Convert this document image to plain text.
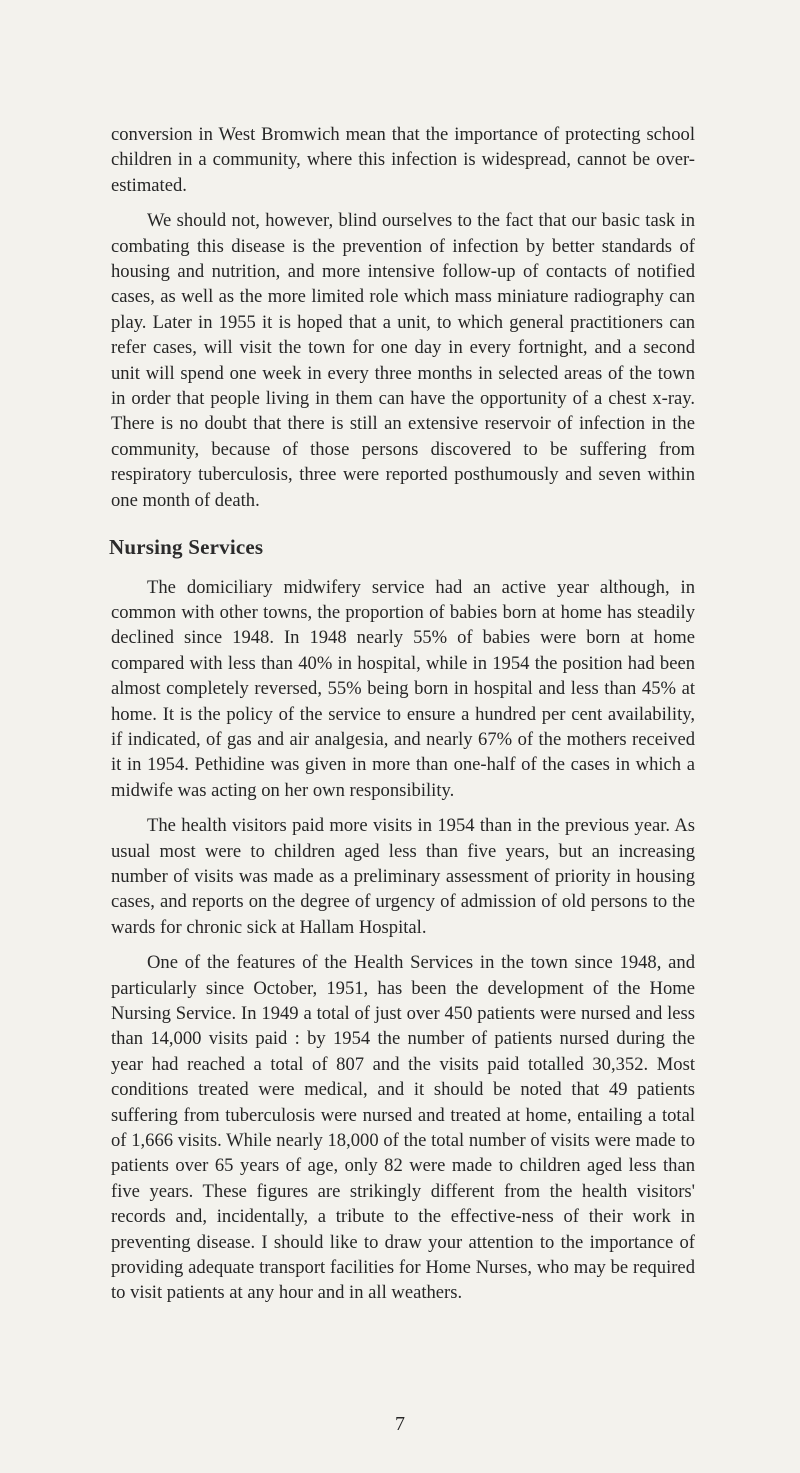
conversion in West Bromwich mean that the importance of protecting school children in a community, where this infection is widespread, cannot be over-estimated.

We should not, however, blind ourselves to the fact that our basic task in combating this disease is the prevention of infection by better standards of housing and nutrition, and more intensive follow-up of contacts of notified cases, as well as the more limited role which mass miniature radiography can play. Later in 1955 it is hoped that a unit, to which general practitioners can refer cases, will visit the town for one day in every fortnight, and a second unit will spend one week in every three months in selected areas of the town in order that people living in them can have the opportunity of a chest x-ray. There is no doubt that there is still an extensive reservoir of infection in the community, because of those persons discovered to be suffering from respiratory tuberculosis, three were reported posthumously and seven within one month of death.

Nursing Services

The domiciliary midwifery service had an active year although, in common with other towns, the proportion of babies born at home has steadily declined since 1948. In 1948 nearly 55% of babies were born at home compared with less than 40% in hospital, while in 1954 the position had been almost completely reversed, 55% being born in hospital and less than 45% at home. It is the policy of the service to ensure a hundred per cent availability, if indicated, of gas and air analgesia, and nearly 67% of the mothers received it in 1954. Pethidine was given in more than one-half of the cases in which a midwife was acting on her own responsibility.

The health visitors paid more visits in 1954 than in the previous year. As usual most were to children aged less than five years, but an increasing number of visits was made as a preliminary assessment of priority in housing cases, and reports on the degree of urgency of admission of old persons to the wards for chronic sick at Hallam Hospital.

One of the features of the Health Services in the town since 1948, and particularly since October, 1951, has been the development of the Home Nursing Service. In 1949 a total of just over 450 patients were nursed and less than 14,000 visits paid : by 1954 the number of patients nursed during the year had reached a total of 807 and the visits paid totalled 30,352. Most conditions treated were medical, and it should be noted that 49 patients suffering from tuberculosis were nursed and treated at home, entailing a total of 1,666 visits. While nearly 18,000 of the total number of visits were made to patients over 65 years of age, only 82 were made to children aged less than five years. These figures are strikingly different from the health visitors' records and, incidentally, a tribute to the effective-ness of their work in preventing disease. I should like to draw your attention to the importance of providing adequate transport facilities for Home Nurses, who may be required to visit patients at any hour and in all weathers.

7
